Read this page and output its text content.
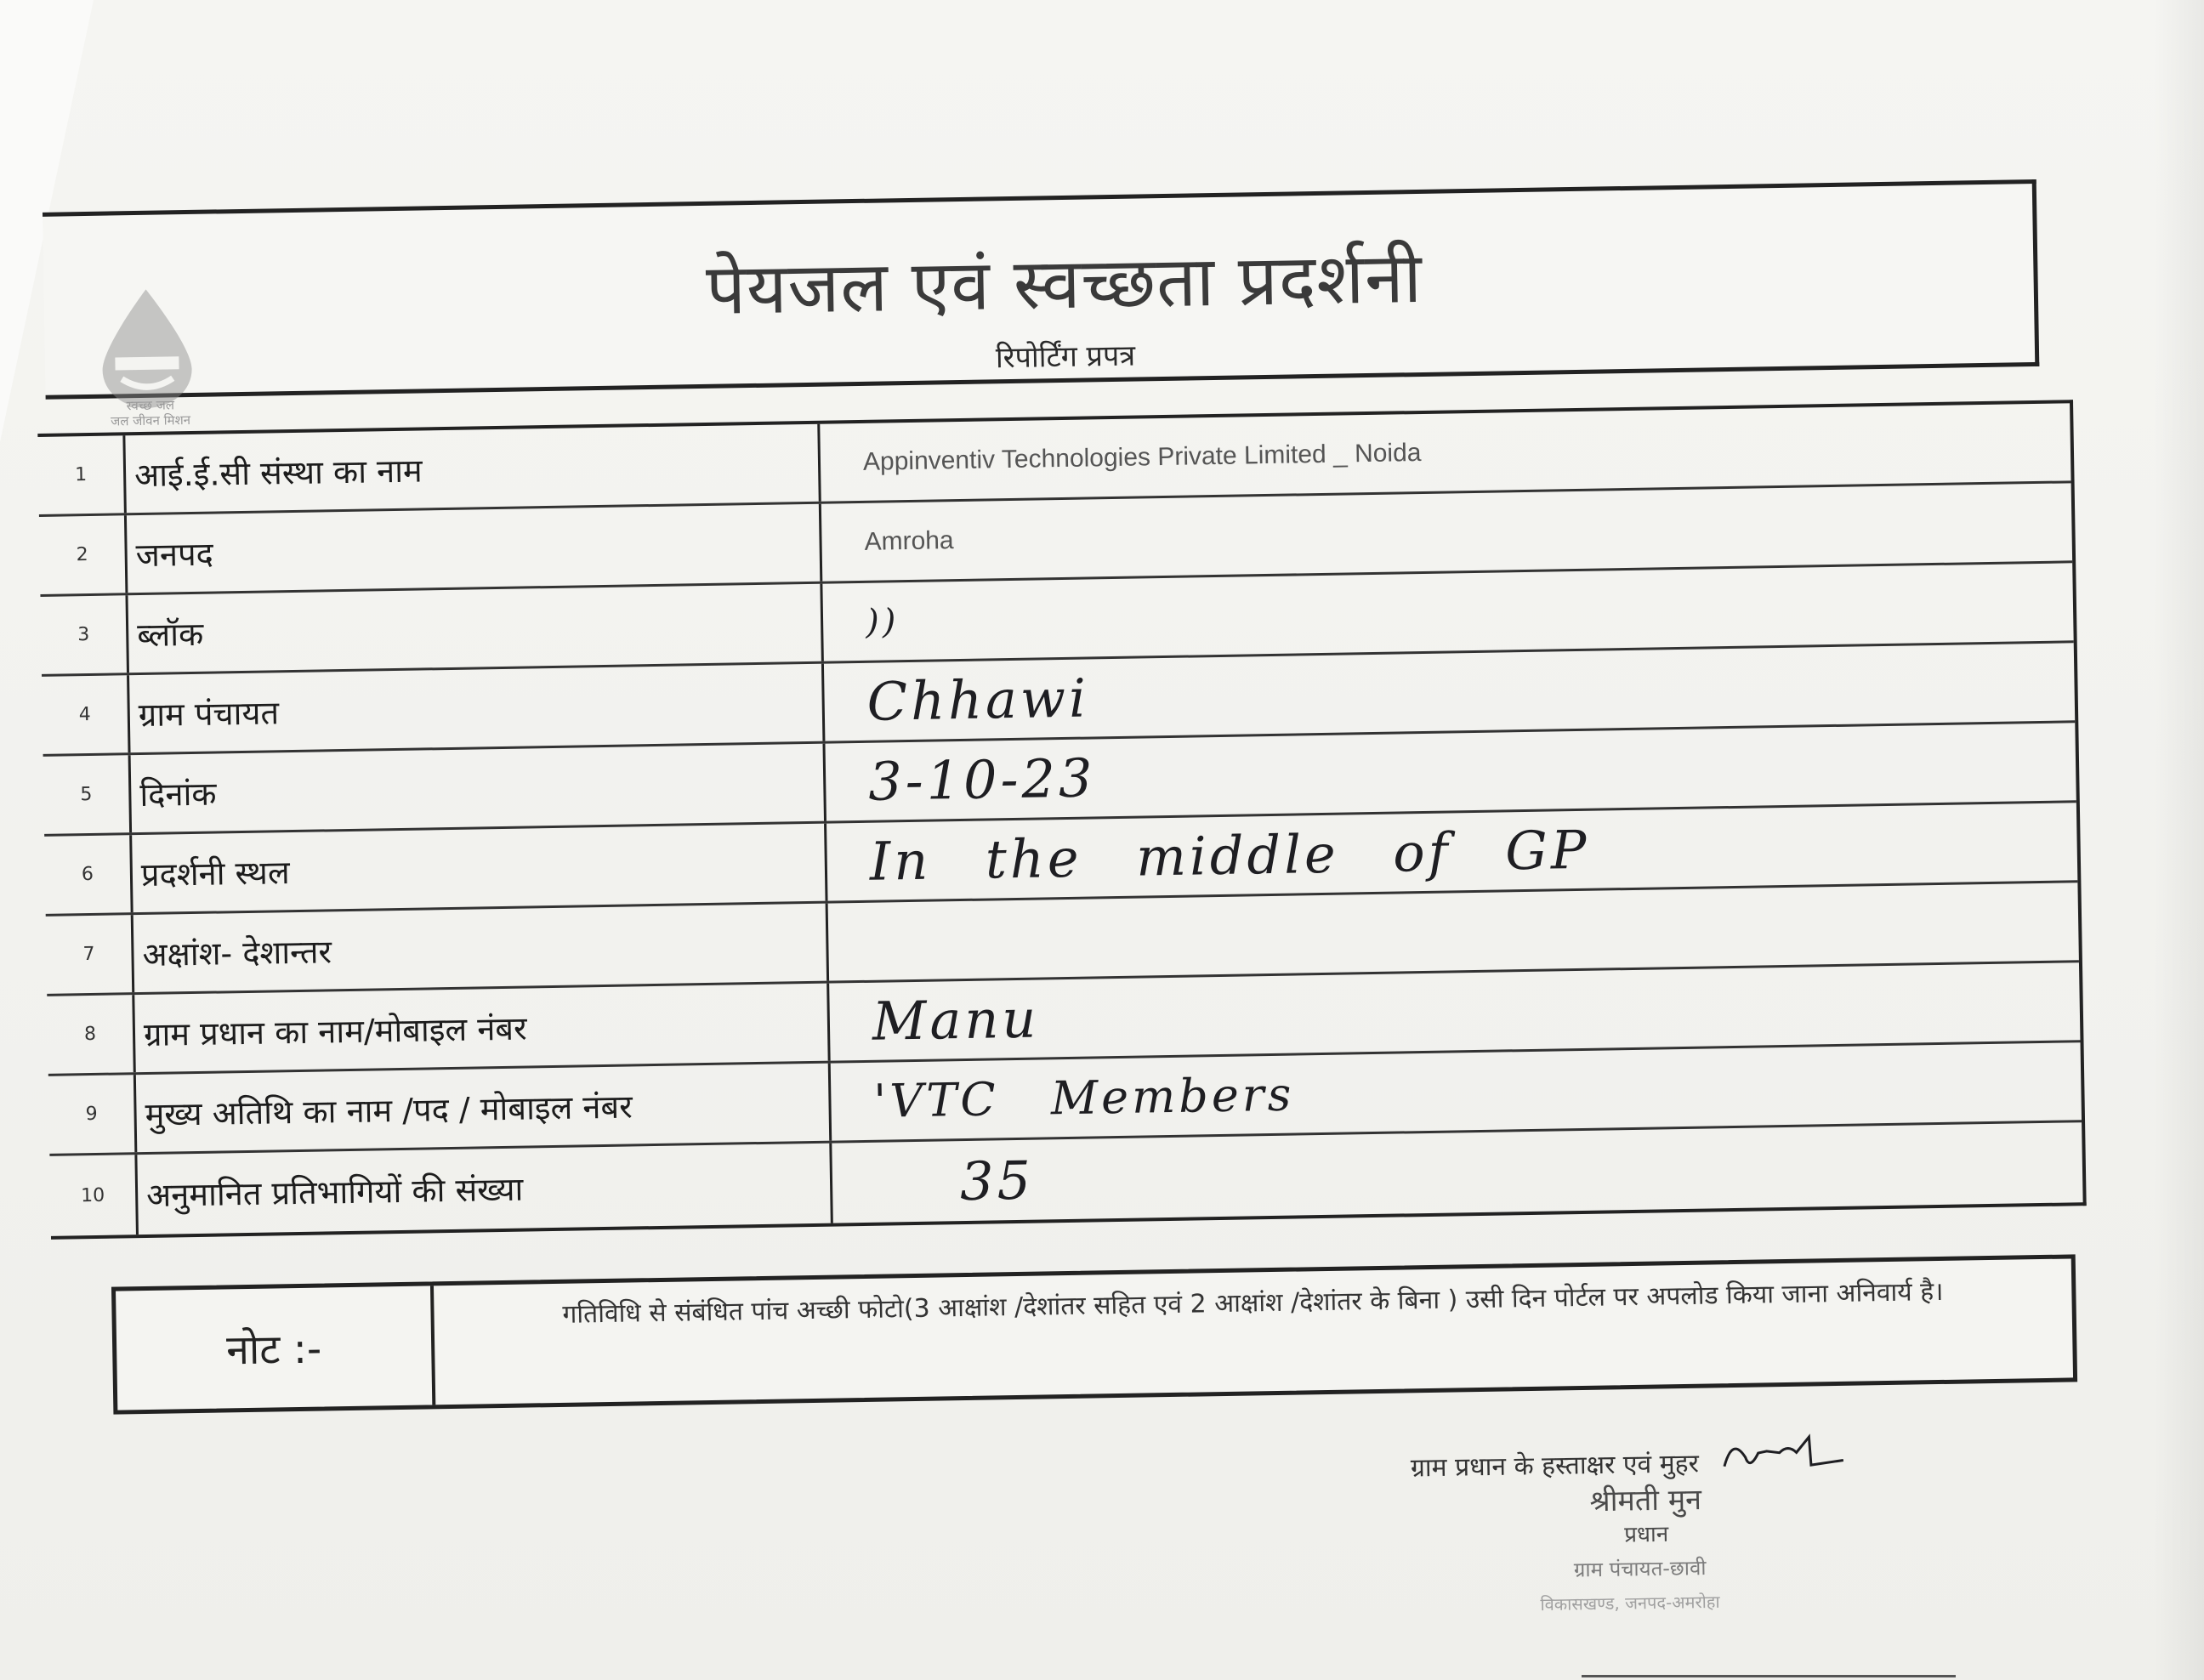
स्वच्छ जल
जल जीवन मिशन
पेयजल एवं स्वच्छता प्रदर्शनी
रिपोर्टिंग प्रपत्र
1	आई.ई.सी संस्था का नाम	Appinventiv Technologies Private Limited _ Noida
2	जनपद	Amroha
3	ब्लॉक	))
4	ग्राम पंचायत	Chhawi
5	दिनांक	3-10-23
6	प्रदर्शनी स्थल	In the middle of GP
7	अक्षांश- देशान्तर
8	ग्राम प्रधान का नाम/मोबाइल नंबर	Manu
9	मुख्य अतिथि का नाम /पद / मोबाइल नंबर	'VTC Members
10	अनुमानित प्रतिभागियों की संख्या	35
नोट :-
गतिविधि से संबंधित पांच अच्छी फोटो(3 आक्षांश /देशांतर सहित एवं 2 आक्षांश /देशांतर के बिना ) उसी दिन पोर्टल पर अपलोड किया जाना अनिवार्य है।
ग्राम प्रधान के हस्ताक्षर एवं मुहर
श्रीमती मुन
प्रधान
ग्राम पंचायत-छावी
विकासखण्ड, जनपद-अमरोहा
